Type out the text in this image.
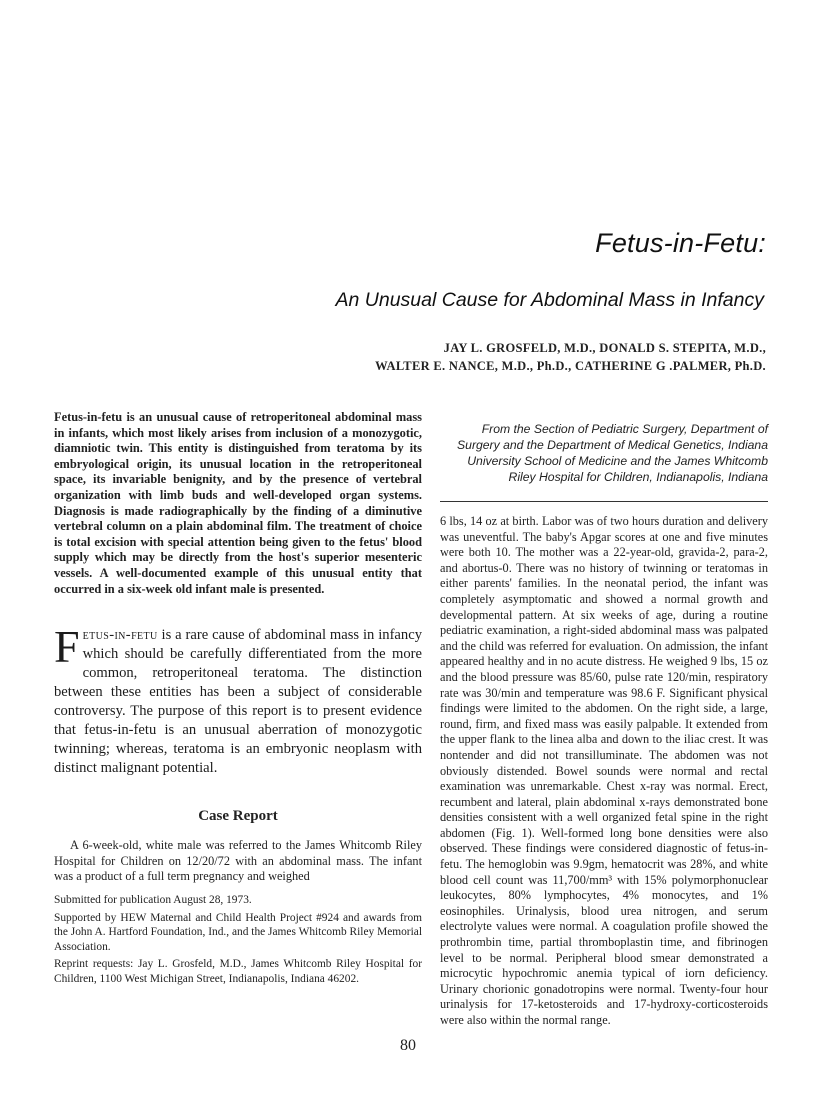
Fetus-in-Fetu:
An Unusual Cause for Abdominal Mass in Infancy
JAY L. GROSFELD, M.D., DONALD S. STEPITA, M.D.,
WALTER E. NANCE, M.D., Ph.D., CATHERINE G .PALMER, Ph.D.

Fetus-in-fetu is an unusual cause of retroperitoneal abdominal mass in infants, which most likely arises from inclusion of a monozygotic, diamniotic twin. This entity is distinguished from teratoma by its embryological origin, its unusual location in the retroperitoneal space, its invariable benignity, and by the presence of vertebral organization with limb buds and well-developed organ systems. Diagnosis is made radiographically by the finding of a diminutive vertebral column on a plain abdominal film. The treatment of choice is total excision with special attention being given to the fetus' blood supply which may be directly from the host's superior mesenteric vessels. A well-documented example of this unusual entity that occurred in a six-week old infant male is presented.

From the Section of Pediatric Surgery, Department of Surgery and the Department of Medical Genetics, Indiana University School of Medicine and the James Whitcomb Riley Hospital for Children, Indianapolis, Indiana

Fetus-in-fetu is a rare cause of abdominal mass in infancy which should be carefully differentiated from the more common, retroperitoneal teratoma. The distinction between these entities has been a subject of considerable controversy. The purpose of this report is to present evidence that fetus-in-fetu is an unusual aberration of monozygotic twinning; whereas, teratoma is an embryonic neoplasm with distinct malignant potential.

Case Report

A 6-week-old, white male was referred to the James Whitcomb Riley Hospital for Children on 12/20/72 with an abdominal mass. The infant was a product of a full term pregnancy and weighed

Submitted for publication August 28, 1973.

Supported by HEW Maternal and Child Health Project #924 and awards from the John A. Hartford Foundation, Ind., and the James Whitcomb Riley Memorial Association.

Reprint requests: Jay L. Grosfeld, M.D., James Whitcomb Riley Hospital for Children, 1100 West Michigan Street, Indianapolis, Indiana 46202.

6 lbs, 14 oz at birth. Labor was of two hours duration and delivery was uneventful. The baby's Apgar scores at one and five minutes were both 10. The mother was a 22-year-old, gravida-2, para-2, and abortus-0. There was no history of twinning or teratomas in either parents' families. In the neonatal period, the infant was completely asymptomatic and showed a normal growth and developmental pattern. At six weeks of age, during a routine pediatric examination, a right-sided abdominal mass was palpated and the child was referred for evaluation. On admission, the infant appeared healthy and in no acute distress. He weighed 9 lbs, 15 oz and the blood pressure was 85/60, pulse rate 120/min, respiratory rate was 30/min and temperature was 98.6 F. Significant physical findings were limited to the abdomen. On the right side, a large, round, firm, and fixed mass was easily palpable. It extended from the upper flank to the linea alba and down to the iliac crest. It was nontender and did not transilluminate. The abdomen was not obviously distended. Bowel sounds were normal and rectal examination was unremarkable. Chest x-ray was normal. Erect, recumbent and lateral, plain abdominal x-rays demonstrated bone densities consistent with a well organized fetal spine in the right abdomen (Fig. 1). Well-formed long bone densities were also observed. These findings were considered diagnostic of fetus-in-fetu. The hemoglobin was 9.9gm, hematocrit was 28%, and white blood cell count was 11,700/mm³ with 15% polymorphonuclear leukocytes, 80% lymphocytes, 4% monocytes, and 1% eosinophiles. Urinalysis, blood urea nitrogen, and serum electrolyte values were normal. A coagulation profile showed the prothrombin time, partial thromboplastin time, and fibrinogen level to be normal. Peripheral blood smear demonstrated a microcytic hypochromic anemia typical of iorn deficiency. Urinary chorionic gonadotropins were normal. Twenty-four hour urinalysis for 17-ketosteroids and 17-hydroxy-corticosteroids were also within the normal range.

80
